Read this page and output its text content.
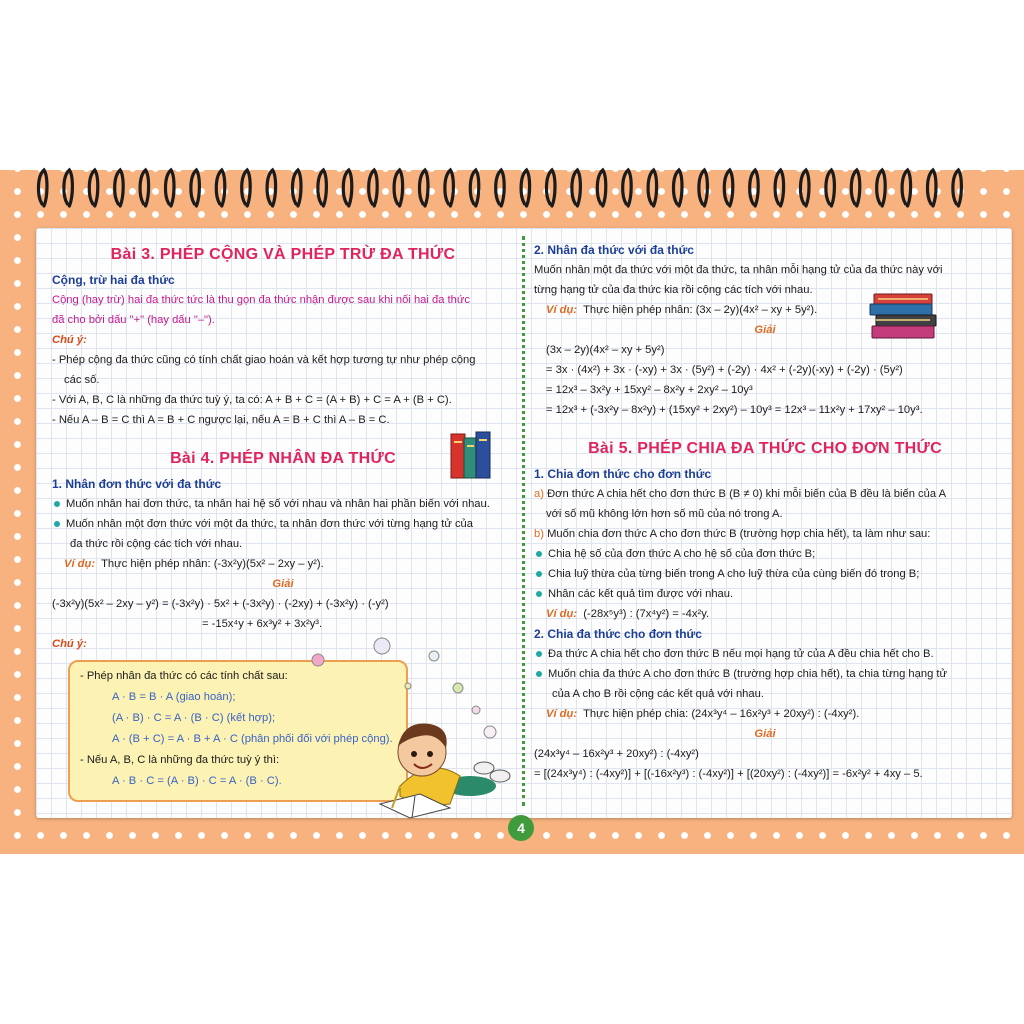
Bài 3. PHÉP CỘNG VÀ PHÉP TRỪ ĐA THỨC
Cộng, trừ hai đa thức
Cộng (hay trừ) hai đa thức tức là thu gọn đa thức nhận được sau khi nối hai đa thức
đã cho bởi dấu "+" (hay dấu "–").
Chú ý:
- Phép cộng đa thức cũng có tính chất giao hoán và kết hợp tương tự như phép cộng
các số.
- Với A, B, C là những đa thức tuỳ ý, ta có: A + B + C = (A + B) + C = A + (B + C).
- Nếu A – B = C thì A = B + C ngược lại, nếu A = B + C thì A – B = C.
Bài 4. PHÉP NHÂN ĐA THỨC
1. Nhân đơn thức với đa thức
Muốn nhân hai đơn thức, ta nhân hai hệ số với nhau và nhân hai phần biến với nhau.
Muốn nhân một đơn thức với một đa thức, ta nhân đơn thức với từng hạng tử của
đa thức rồi cộng các tích với nhau.
Ví dụ: Thực hiện phép nhân: (-3x²y)(5x² – 2xy – y²).
Giải
(-3x²y)(5x² – 2xy – y²) = (-3x²y) · 5x² + (-3x²y) · (-2xy) + (-3x²y) · (-y²)
= -15x⁴y + 6x³y² + 3x²y³.
Chú ý:
- Phép nhân đa thức có các tính chất sau:
A · B = B · A (giao hoán);
(A · B) · C = A · (B · C) (kết hợp);
A · (B + C) = A · B + A · C (phân phối đối với phép cộng).
- Nếu A, B, C là những đa thức tuỳ ý thì:
A · B · C = (A · B) · C = A · (B · C).
2. Nhân đa thức với đa thức
Muốn nhân một đa thức với một đa thức, ta nhân mỗi hạng tử của đa thức này với
từng hạng tử của đa thức kia rồi cộng các tích với nhau.
Ví dụ: Thực hiện phép nhân: (3x – 2y)(4x² – xy + 5y²).
Giải
(3x – 2y)(4x² – xy + 5y²)
= 3x · (4x²) + 3x · (-xy) + 3x · (5y²) + (-2y) · 4x² + (-2y)(-xy) + (-2y) · (5y²)
= 12x³ – 3x²y + 15xy² – 8x²y + 2xy² – 10y³
= 12x³ + (-3x²y – 8x²y) + (15xy² + 2xy²) – 10y³ = 12x³ – 11x²y + 17xy² – 10y³.
Bài 5. PHÉP CHIA ĐA THỨC CHO ĐƠN THỨC
1. Chia đơn thức cho đơn thức
a) Đơn thức A chia hết cho đơn thức B (B ≠ 0) khi mỗi biến của B đều là biến của A
với số mũ không lớn hơn số mũ của nó trong A.
b) Muốn chia đơn thức A cho đơn thức B (trường hợp chia hết), ta làm như sau:
Chia hệ số của đơn thức A cho hệ số của đơn thức B;
Chia luỹ thừa của từng biến trong A cho luỹ thừa của cùng biến đó trong B;
Nhân các kết quả tìm được với nhau.
Ví dụ: (-28x⁵y³) : (7x⁴y²) = -4x²y.
2. Chia đa thức cho đơn thức
Đa thức A chia hết cho đơn thức B nếu mọi hạng tử của A đều chia hết cho B.
Muốn chia đa thức A cho đơn thức B (trường hợp chia hết), ta chia từng hạng tử
của A cho B rồi cộng các kết quả với nhau.
Ví dụ: Thực hiện phép chia: (24x³y⁴ – 16x²y³ + 20xy²) : (-4xy²).
Giải
(24x³y⁴ – 16x²y³ + 20xy²) : (-4xy²)
= [(24x³y⁴) : (-4xy²)] + [(-16x²y³) : (-4xy²)] + [(20xy²) : (-4xy²)] = -6x²y² + 4xy – 5.
4
